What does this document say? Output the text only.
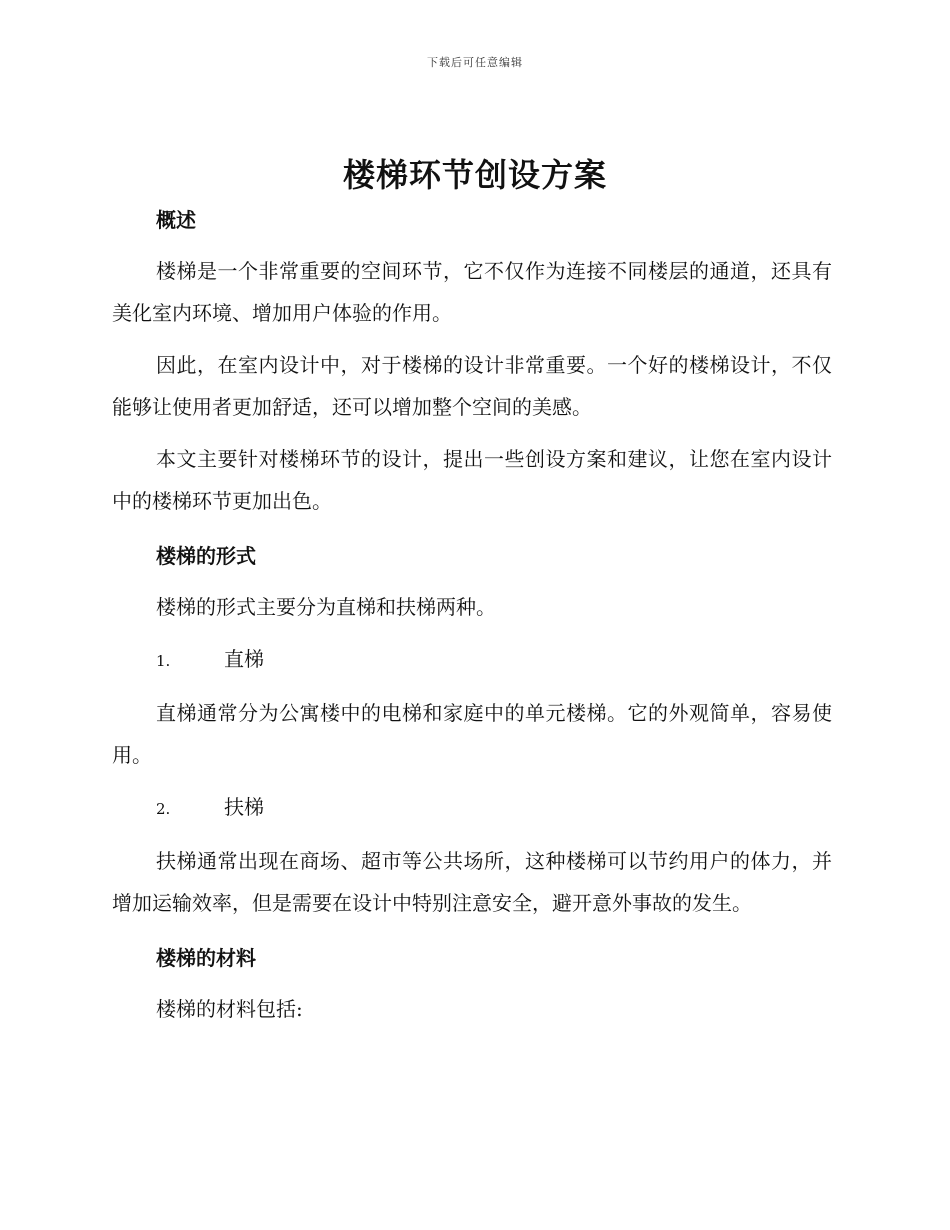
下载后可任意编辑
楼梯环节创设方案
概述

楼梯是一个非常重要的空间环节，它不仅作为连接不同楼层的通道，还具有美化室内环境、增加用户体验的作用。

因此，在室内设计中，对于楼梯的设计非常重要。一个好的楼梯设计，不仅能够让使用者更加舒适，还可以增加整个空间的美感。

本文主要针对楼梯环节的设计，提出一些创设方案和建议，让您在室内设计中的楼梯环节更加出色。

楼梯的形式

楼梯的形式主要分为直梯和扶梯两种。

1.	直梯

直梯通常分为公寓楼中的电梯和家庭中的单元楼梯。它的外观简单，容易使用。

2.	扶梯

扶梯通常出现在商场、超市等公共场所，这种楼梯可以节约用户的体力，并增加运输效率，但是需要在设计中特别注意安全，避开意外事故的发生。

楼梯的材料

楼梯的材料包括:
